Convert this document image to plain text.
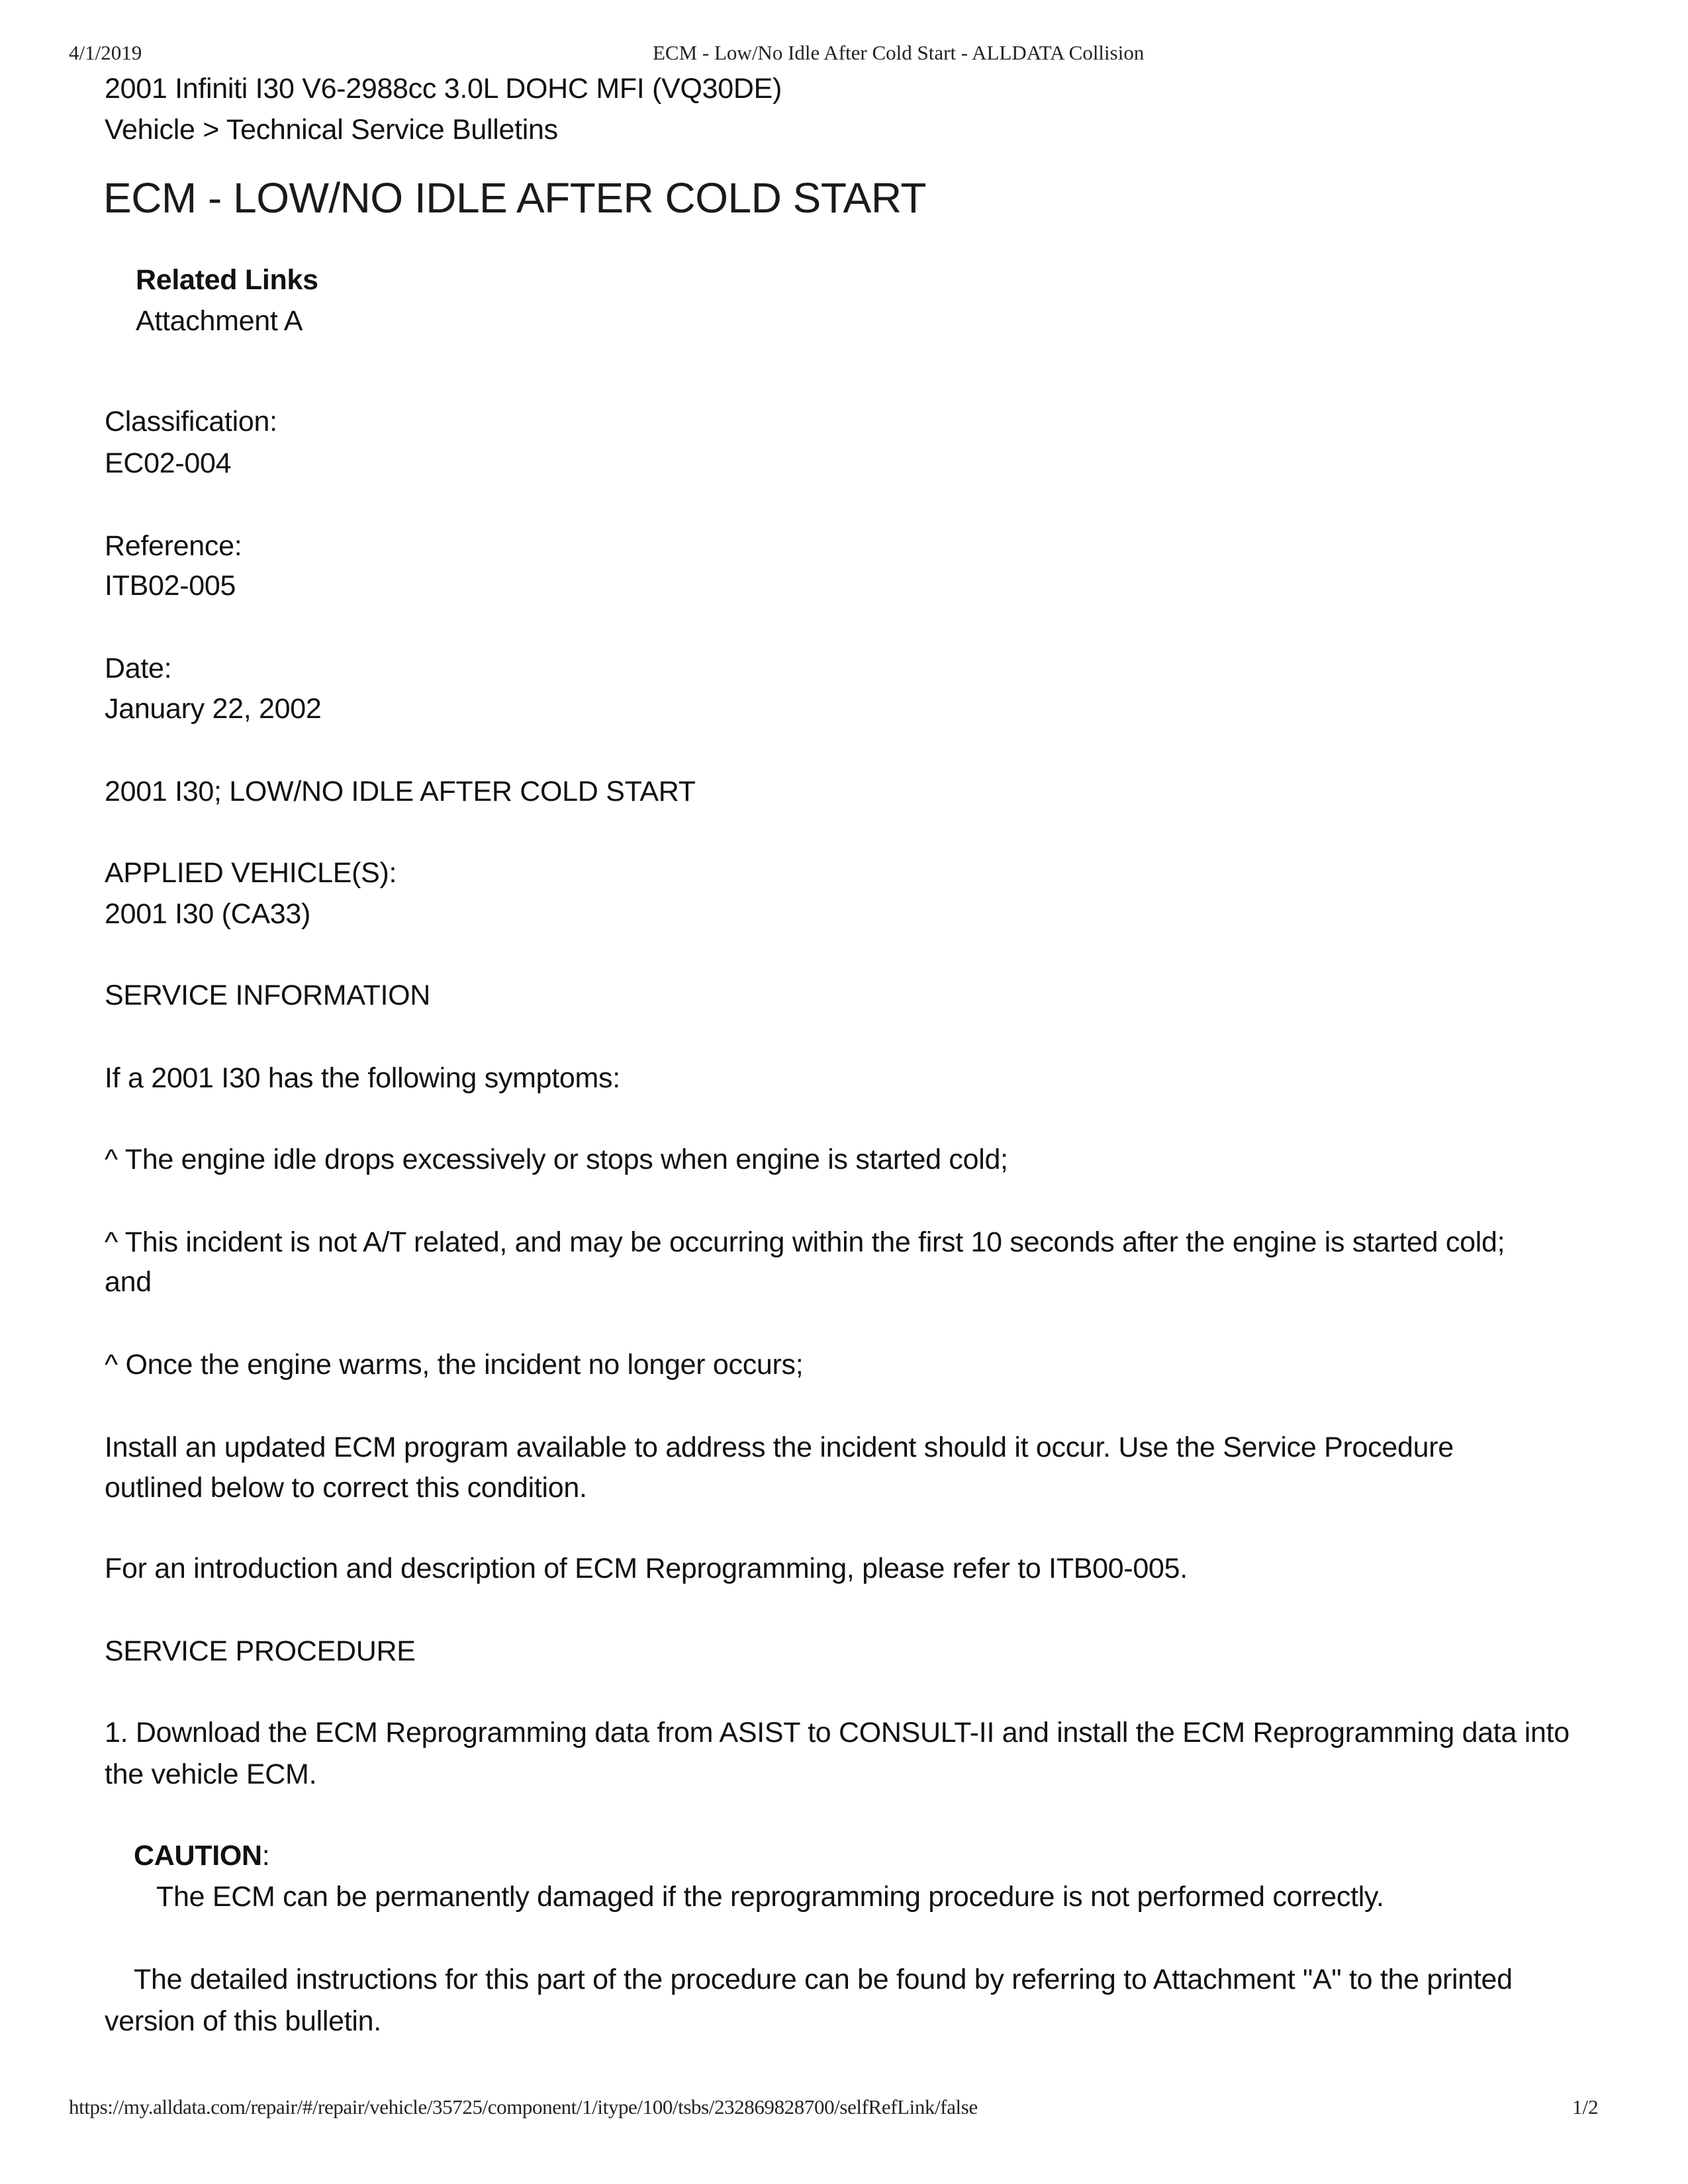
4/1/2019	ECM - Low/No Idle After Cold Start - ALLDATA Collision
2001 Infiniti I30 V6-2988cc 3.0L DOHC MFI (VQ30DE)
Vehicle > Technical Service Bulletins
ECM - LOW/NO IDLE AFTER COLD START
Related Links
Attachment A
Classification:
EC02-004
Reference:
ITB02-005
Date:
January 22, 2002
2001 I30; LOW/NO IDLE AFTER COLD START
APPLIED VEHICLE(S):
2001 I30 (CA33)
SERVICE INFORMATION
If a 2001 I30 has the following symptoms:
^ The engine idle drops excessively or stops when engine is started cold;
^ This incident is not A/T related, and may be occurring within the first 10 seconds after the engine is started cold;
and
^ Once the engine warms, the incident no longer occurs;
Install an updated ECM program available to address the incident should it occur. Use the Service Procedure
outlined below to correct this condition.
For an introduction and description of ECM Reprogramming, please refer to ITB00-005.
SERVICE PROCEDURE
1. Download the ECM Reprogramming data from ASIST to CONSULT-II and install the ECM Reprogramming data into
the vehicle ECM.
CAUTION:
The ECM can be permanently damaged if the reprogramming procedure is not performed correctly.
The detailed instructions for this part of the procedure can be found by referring to Attachment "A" to the printed
version of this bulletin.
https://my.alldata.com/repair/#/repair/vehicle/35725/component/1/itype/100/tsbs/232869828700/selfRefLink/false	1/2
